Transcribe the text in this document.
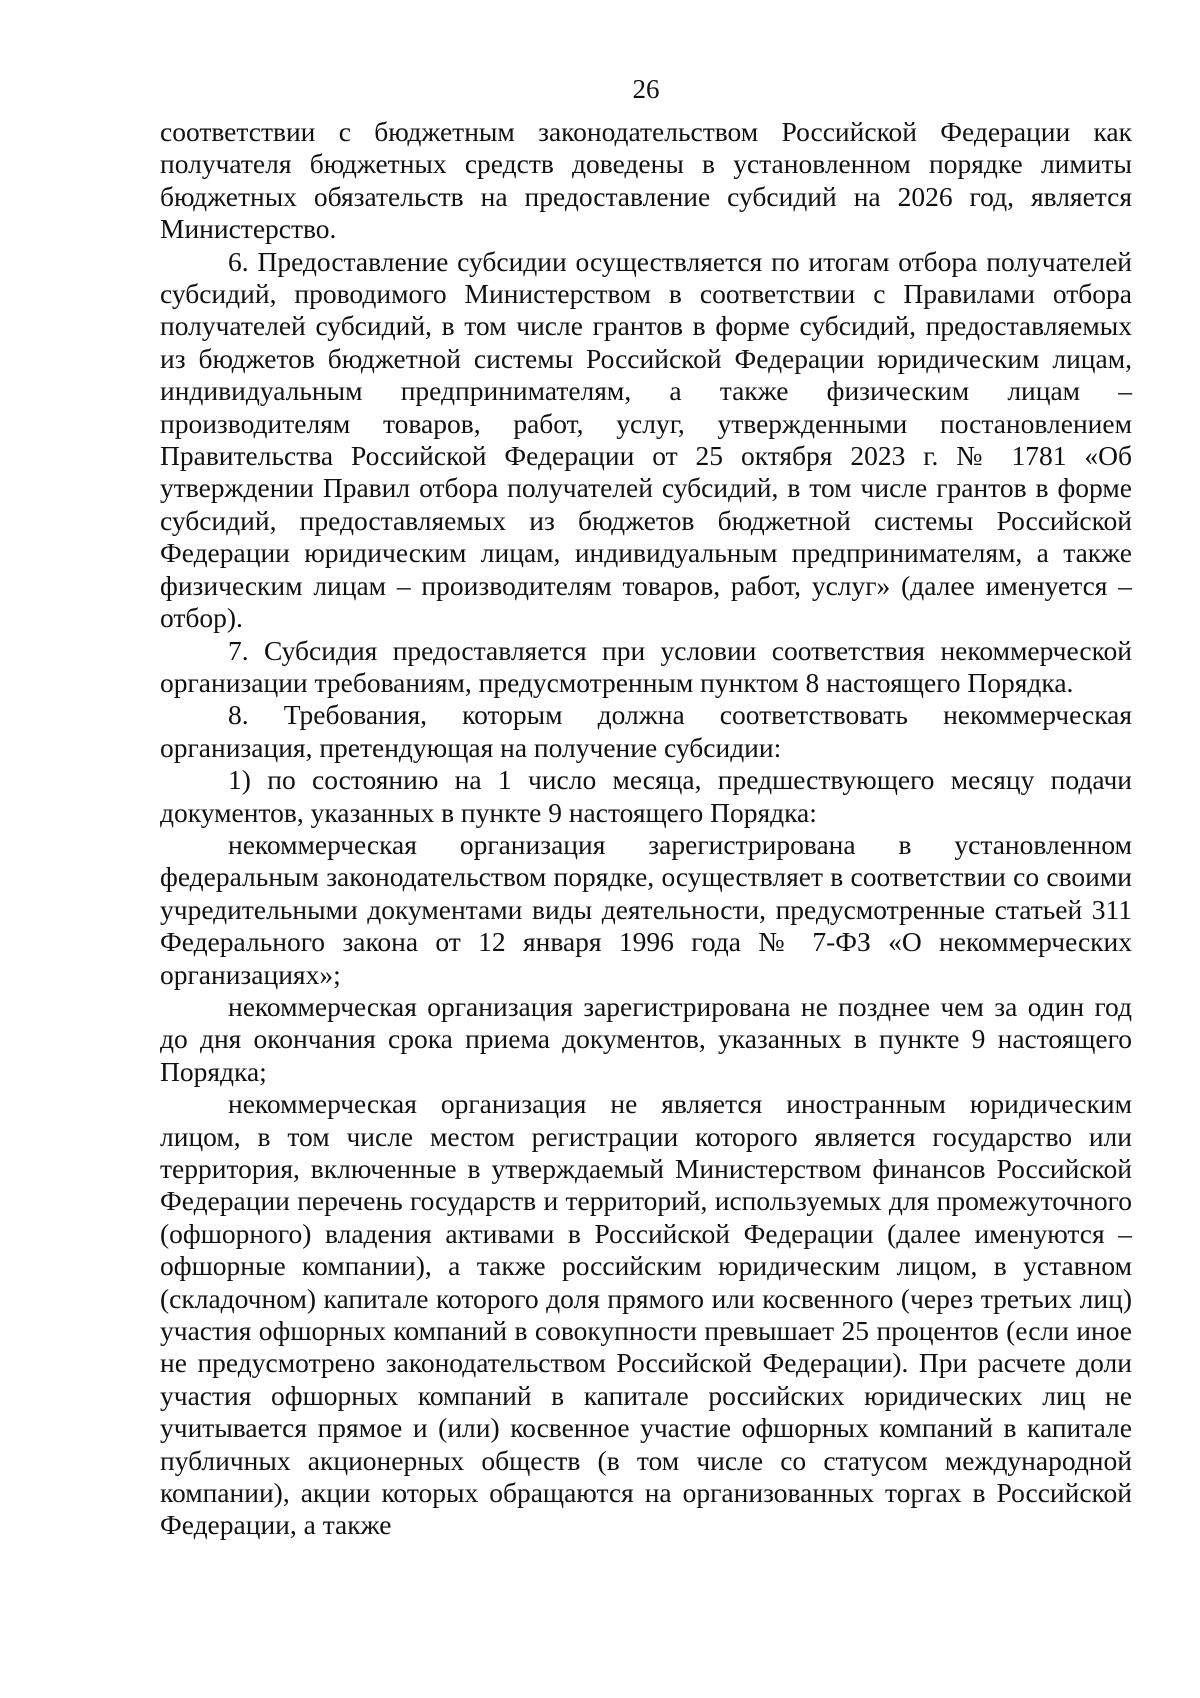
26

соответствии с бюджетным законодательством Российской Федерации как получателя бюджетных средств доведены в установленном порядке лимиты бюджетных обязательств на предоставление субсидий на 2026 год, является Министерство.

6. Предоставление субсидии осуществляется по итогам отбора получателей субсидий, проводимого Министерством в соответствии с Правилами отбора получателей субсидий, в том числе грантов в форме субсидий, предоставляемых из бюджетов бюджетной системы Российской Федерации юридическим лицам, индивидуальным предпринимателям, а также физическим лицам – производителям товаров, работ, услуг, утвержденными постановлением Правительства Российской Федерации от 25 октября 2023 г. № 1781 «Об утверждении Правил отбора получателей субсидий, в том числе грантов в форме субсидий, предоставляемых из бюджетов бюджетной системы Российской Федерации юридическим лицам, индивидуальным предпринимателям, а также физическим лицам – производителям товаров, работ, услуг» (далее именуется – отбор).

7. Субсидия предоставляется при условии соответствия некоммерческой организации требованиям, предусмотренным пунктом 8 настоящего Порядка.

8. Требования, которым должна соответствовать некоммерческая организация, претендующая на получение субсидии:

1) по состоянию на 1 число месяца, предшествующего месяцу подачи документов, указанных в пункте 9 настоящего Порядка:

некоммерческая организация зарегистрирована в установленном федеральным законодательством порядке, осуществляет в соответствии со своими учредительными документами виды деятельности, предусмотренные статьей 311 Федерального закона от 12 января 1996 года № 7-ФЗ «О некоммерческих организациях»;

некоммерческая организация зарегистрирована не позднее чем за один год до дня окончания срока приема документов, указанных в пункте 9 настоящего Порядка;

некоммерческая организация не является иностранным юридическим лицом, в том числе местом регистрации которого является государство или территория, включенные в утверждаемый Министерством финансов Российской Федерации перечень государств и территорий, используемых для промежуточного (офшорного) владения активами в Российской Федерации (далее именуются – офшорные компании), а также российским юридическим лицом, в уставном (складочном) капитале которого доля прямого или косвенного (через третьих лиц) участия офшорных компаний в совокупности превышает 25 процентов (если иное не предусмотрено законодательством Российской Федерации). При расчете доли участия офшорных компаний в капитале российских юридических лиц не учитывается прямое и (или) косвенное участие офшорных компаний в капитале публичных акционерных обществ (в том числе со статусом международной компании), акции которых обращаются на организованных торгах в Российской Федерации, а также
